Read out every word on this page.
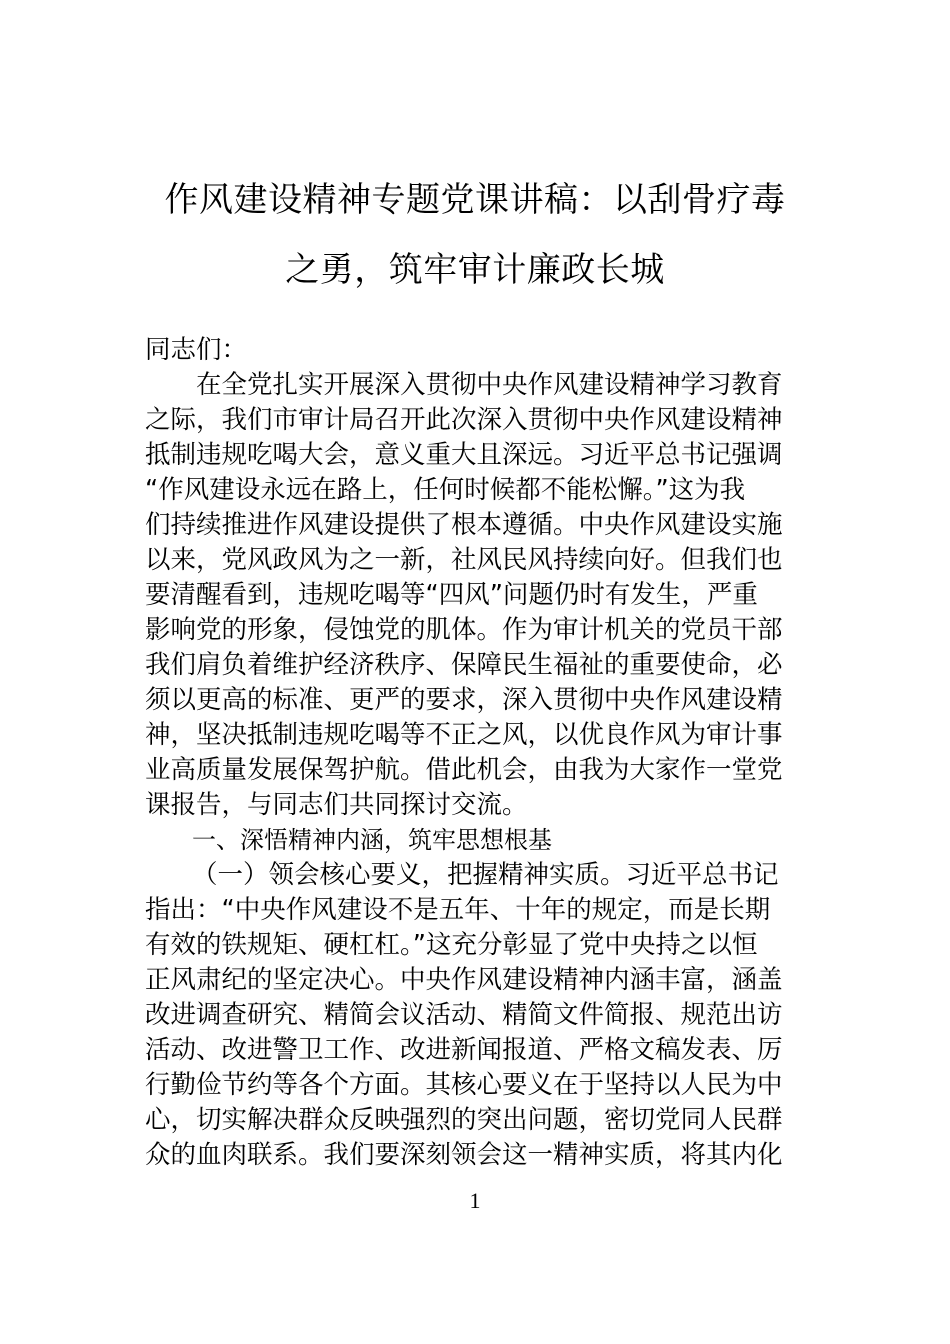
作风建设精神专题党课讲稿：以刮骨疗毒
之勇，筑牢审计廉政长城
同志们：
在全党扎实开展深入贯彻中央作风建设精神学习教育
之际，我们市审计局召开此次深入贯彻中央作风建设精神
抵制违规吃喝大会，意义重大且深远。习近平总书记强调
“作风建设永远在路上，任何时候都不能松懈。”这为我
们持续推进作风建设提供了根本遵循。中央作风建设实施
以来，党风政风为之一新，社风民风持续向好。但我们也
要清醒看到，违规吃喝等“四风”问题仍时有发生，严重
影响党的形象，侵蚀党的肌体。作为审计机关的党员干部
我们肩负着维护经济秩序、保障民生福祉的重要使命，必
须以更高的标准、更严的要求，深入贯彻中央作风建设精
神，坚决抵制违规吃喝等不正之风，以优良作风为审计事
业高质量发展保驾护航。借此机会，由我为大家作一堂党
课报告，与同志们共同探讨交流。
一、深悟精神内涵，筑牢思想根基
（一）领会核心要义，把握精神实质。习近平总书记
指出：“中央作风建设不是五年、十年的规定，而是长期
有效的铁规矩、硬杠杠。”这充分彰显了党中央持之以恒
正风肃纪的坚定决心。中央作风建设精神内涵丰富，涵盖
改进调查研究、精简会议活动、精简文件简报、规范出访
活动、改进警卫工作、改进新闻报道、严格文稿发表、厉
行勤俭节约等各个方面。其核心要义在于坚持以人民为中
心，切实解决群众反映强烈的突出问题，密切党同人民群
众的血肉联系。我们要深刻领会这一精神实质，将其内化
1
